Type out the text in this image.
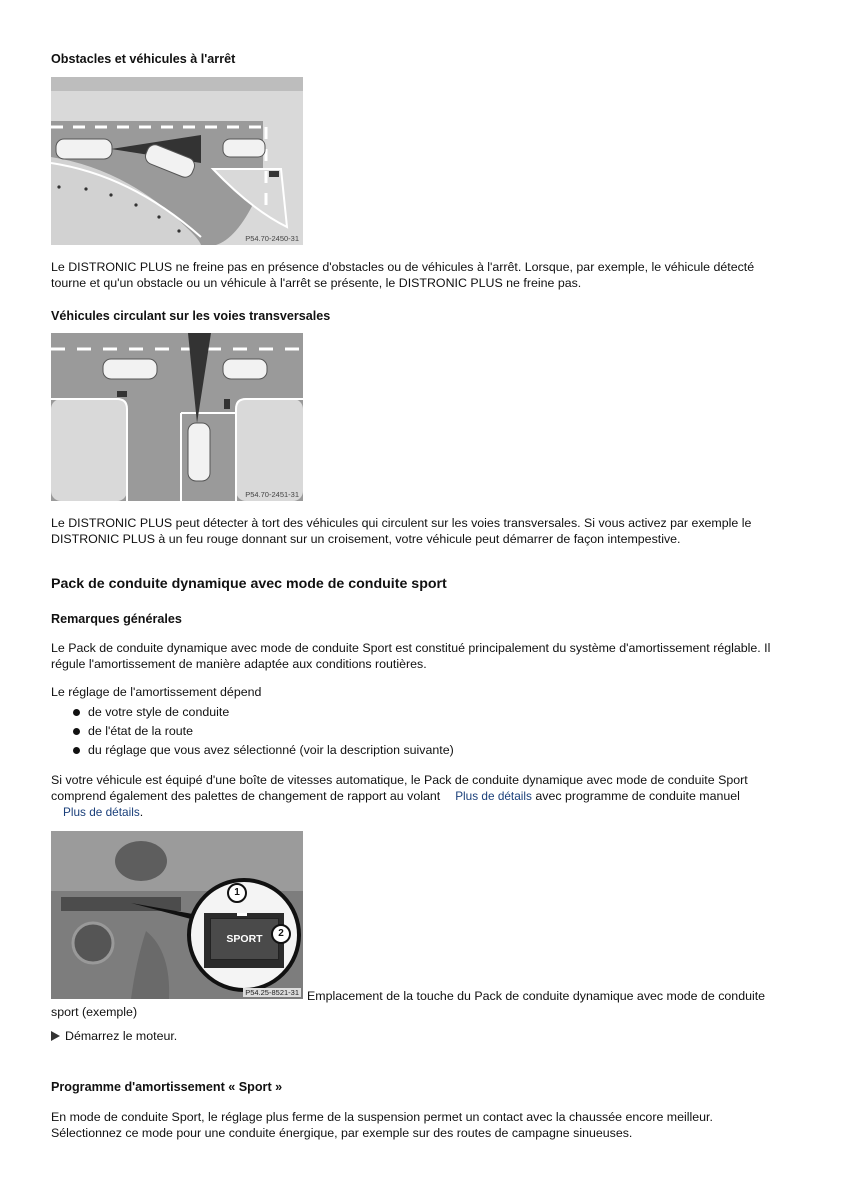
Obstacles et véhicules à l'arrêt
P54.70-2450-31
Le DISTRONIC PLUS ne freine pas en présence d'obstacles ou de véhicules à l'arrêt. Lorsque, par exemple, le véhicule détecté
tourne et qu'un obstacle ou un véhicule à l'arrêt se présente, le DISTRONIC PLUS ne freine pas.
Véhicules circulant sur les voies transversales
P54.70-2451-31
Le DISTRONIC PLUS peut détecter à tort des véhicules qui circulent sur les voies transversales. Si vous activez par exemple le
DISTRONIC PLUS à un feu rouge donnant sur un croisement, votre véhicule peut démarrer de façon intempestive.
Pack de conduite dynamique avec mode de conduite sport
Remarques générales
Le Pack de conduite dynamique avec mode de conduite Sport est constitué principalement du système d'amortissement réglable. Il
régule l'amortissement de manière adaptée aux conditions routières.
Le réglage de l'amortissement dépend
de votre style de conduite
de l'état de la route
du réglage que vous avez sélectionné (voir la description suivante)
Si votre véhicule est équipé d'une boîte de vitesses automatique, le Pack de conduite dynamique avec mode de conduite Sport
comprend également des palettes de changement de rapport au volant Plus de détails avec programme de conduite manuel
Plus de détails.
SPORT
1
2
P54.25-8521-31 Emplacement de la touche du Pack de conduite dynamique avec mode de conduite
sport (exemple)
Démarrez le moteur.
Programme d'amortissement « Sport »
En mode de conduite Sport, le réglage plus ferme de la suspension permet un contact avec la chaussée encore meilleur.
Sélectionnez ce mode pour une conduite énergique, par exemple sur des routes de campagne sinueuses.
